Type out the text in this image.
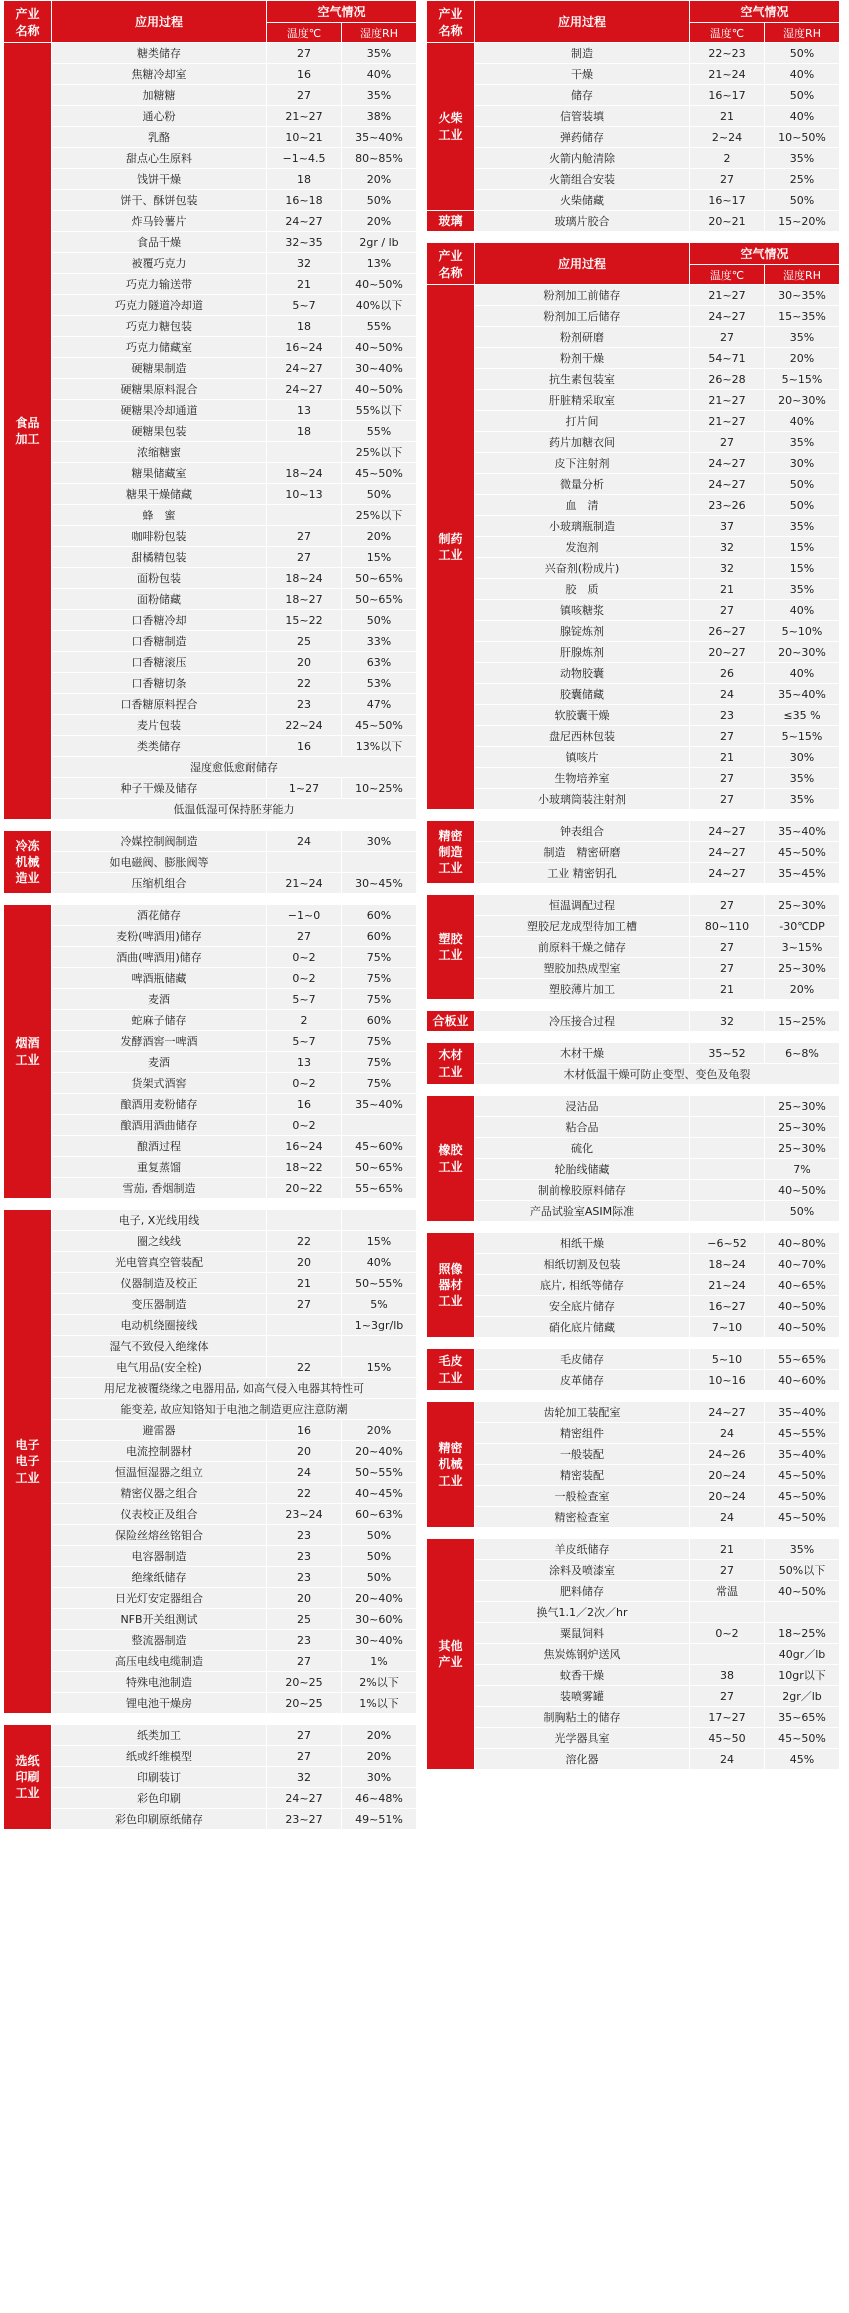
产业
名称	应用过程	空气情况	
		温度℃	湿度RH
食品
加工	糖类储存	27	35%
	焦糖冷却室	16	40%
	加糖糖	27	35%
	通心粉	21~27	38%
	乳酪	10~21	35~40%
	甜点心生原料	−1~4.5	80~85%
	饯饼干燥	18	20%
	饼干、酥饼包装	16~18	50%
	炸马铃薯片	24~27	20%
	食品干燥	32~35	2gr / lb
	被覆巧克力	32	13%
	巧克力输送带	21	40~50%
	巧克力隧道冷却道	5~7	40%以下
	巧克力糖包装	18	55%
	巧克力储藏室	16~24	40~50%
	硬糖果制造	24~27	30~40%
	硬糖果原料混合	24~27	40~50%
	硬糖果冷却通道	13	55%以下
	硬糖果包装	18	55%
	浓缩糖蜜		25%以下
	糖果储藏室	18~24	45~50%
	糖果干燥储藏	10~13	50%
	蜂　蜜		25%以下
	咖啡粉包装	27	20%
	甜橘精包装	27	15%
	面粉包装	18~24	50~65%
	面粉储藏	18~27	50~65%
	口香糖冷却	15~22	50%
	口香糖制造	25	33%
	口香糖滚压	20	63%
	口香糖切条	22	53%
	口香糖原料捏合	23	47%
	麦片包装	22~24	45~50%
	类类储存	16	13%以下
	湿度愈低愈耐储存		
	种子干燥及储存	1~27	10~25%
	低温低湿可保持胚芽能力		
冷冻
机械
造业	冷媒控制阀制造	24	30%
	如电磁阀、膨胀阀等		
	压缩机组合	21~24	30~45%
烟酒
工业	酒花储存	−1~0	60%
	麦粉(啤酒用)储存	27	60%
	酒曲(啤酒用)储存	0~2	75%
	啤酒瓶储藏	0~2	75%
	麦酒	5~7	75%
	蛇麻子储存	2	60%
	发酵酒窖一啤酒	5~7	75%
	麦酒	13	75%
	货架式酒窖	0~2	75%
	酿酒用麦粉储存	16	35~40%
	酿酒用酒曲储存	0~2	
	酿酒过程	16~24	45~60%
	重复蒸馏	18~22	50~65%
	雪茄, 香烟制造	20~22	55~65%
电子
电子
工业	电子, X光线用线		
	圈之线线	22	15%
	光电管真空管装配	20	40%
	仪器制造及校正	21	50~55%
	变压器制造	27	5%
	电动机绕圈接线		1~3gr/lb
	湿气不致侵入绝缘体		
	电气用品(安全栓)	22	15%
	用尼龙被覆绕缘之电器用品, 如高气侵入电器其特性可		
	能变差, 故应知铬知于电池之制造更应注意防潮		
	避雷器	16	20%
	电流控制器材	20	20~40%
	恒温恒湿器之组立	24	50~55%
	精密仪器之组合	22	40~45%
	仪表校正及组合	23~24	60~63%
	保险丝熔丝铭钼合	23	50%
	电容器制造	23	50%
	绝缘纸储存	23	50%
	日光灯安定器组合	20	20~40%
	NFB开关组测试	25	30~60%
	整流器制造	23	30~40%
	高压电线电缆制造	27	1%
	特殊电池制造	20~25	2%以下
	锂电池干燥房	20~25	1%以下
选纸
印刷
工业	纸类加工	27	20%
	纸或纤维模型	27	20%
	印刷装订	32	30%
	彩色印刷	24~27	46~48%
	彩色印刷原纸储存	23~27	49~51%
产业
名称	应用过程	空气情况	
		温度℃	湿度RH
火柴
工业	制造	22~23	50%
	干燥	21~24	40%
	储存	16~17	50%
	信管装填	21	40%
	弹药储存	2~24	10~50%
	火箭内舱清除	2	35%
	火箭组合安装	27	25%
	火柴储藏	16~17	50%
玻璃	玻璃片胶合	20~21	15~20%
产业
名称	应用过程	空气情况	
		温度℃	湿度RH
制药
工业	粉剂加工前储存	21~27	30~35%
	粉剂加工后储存	24~27	15~35%
	粉剂研磨	27	35%
	粉剂干燥	54~71	20%
	抗生素包装室	26~28	5~15%
	肝脏精采取室	21~27	20~30%
	打片间	21~27	40%
	药片加糖衣间	27	35%
	皮下注射剂	24~27	30%
	微量分析	24~27	50%
	血　清	23~26	50%
	小玻璃瓶制造	37	35%
	发泡剂	32	15%
	兴奋剂(粉成片)	32	15%
	胶　质	21	35%
	镇咳糖浆	27	40%
	腺锭炼剂	26~27	5~10%
	肝腺炼剂	20~27	20~30%
	动物胶囊	26	40%
	胶囊储藏	24	35~40%
	软胶囊干燥	23	≤35 %
	盘尼西林包装	27	5~15%
	镇咳片	21	30%
	生物培养室	27	35%
	小玻璃筒装注射剂	27	35%
精密
制造
工业	钟表组合	24~27	35~40%
	制造　精密研磨	24~27	45~50%
	工业 精密钥孔	24~27	35~45%
塑胶
工业	恒温调配过程	27	25~30%
	塑胶尼龙成型待加工槽	80~110	-30℃DP
	前原料干燥之储存	27	3~15%
	塑胶加热成型室	27	25~30%
	塑胶薄片加工	21	20%
合板业	冷压接合过程	32	15~25%
木材
工业	木材干燥	35~52	6~8%
木材低温干燥可防止变型、变色及龟裂
橡胶
工业	浸沾品		25~30%
	粘合品		25~30%
	硫化		25~30%
	轮胎线储藏		7%
	制前橡胶原料储存		40~50%
	产品试验室ASIM际准		50%
照像
器材
工业	相纸干燥	−6~52	40~80%
	相纸切割及包装	18~24	40~70%
	底片, 相纸等储存	21~24	40~65%
	安全底片储存	16~27	40~50%
	硝化底片储藏	7~10	40~50%
毛皮
工业	毛皮储存	5~10	55~65%
	皮革储存	10~16	40~60%
精密
机械
工业	齿轮加工装配室	24~27	35~40%
	精密组件	24	45~55%
	一般装配	24~26	35~40%
	精密装配	20~24	45~50%
	一般检查室	20~24	45~50%
	精密检查室	24	45~50%
其他
产业	羊皮纸储存	21	35%
	涂料及喷漆室	27	50%以下
	肥料储存	常温	40~50%
	换气1.1／2次／hr		
	粟鼠饲料	0~2	18~25%
	焦炭炼钢炉送风		40gr／lb
	蚊香干燥	38	10gr以下
	装喷雾罐	27	2gr／lb
	制胸粘土的储存	17~27	35~65%
	光学器具室	45~50	45~50%
	溶化器	24	45%
